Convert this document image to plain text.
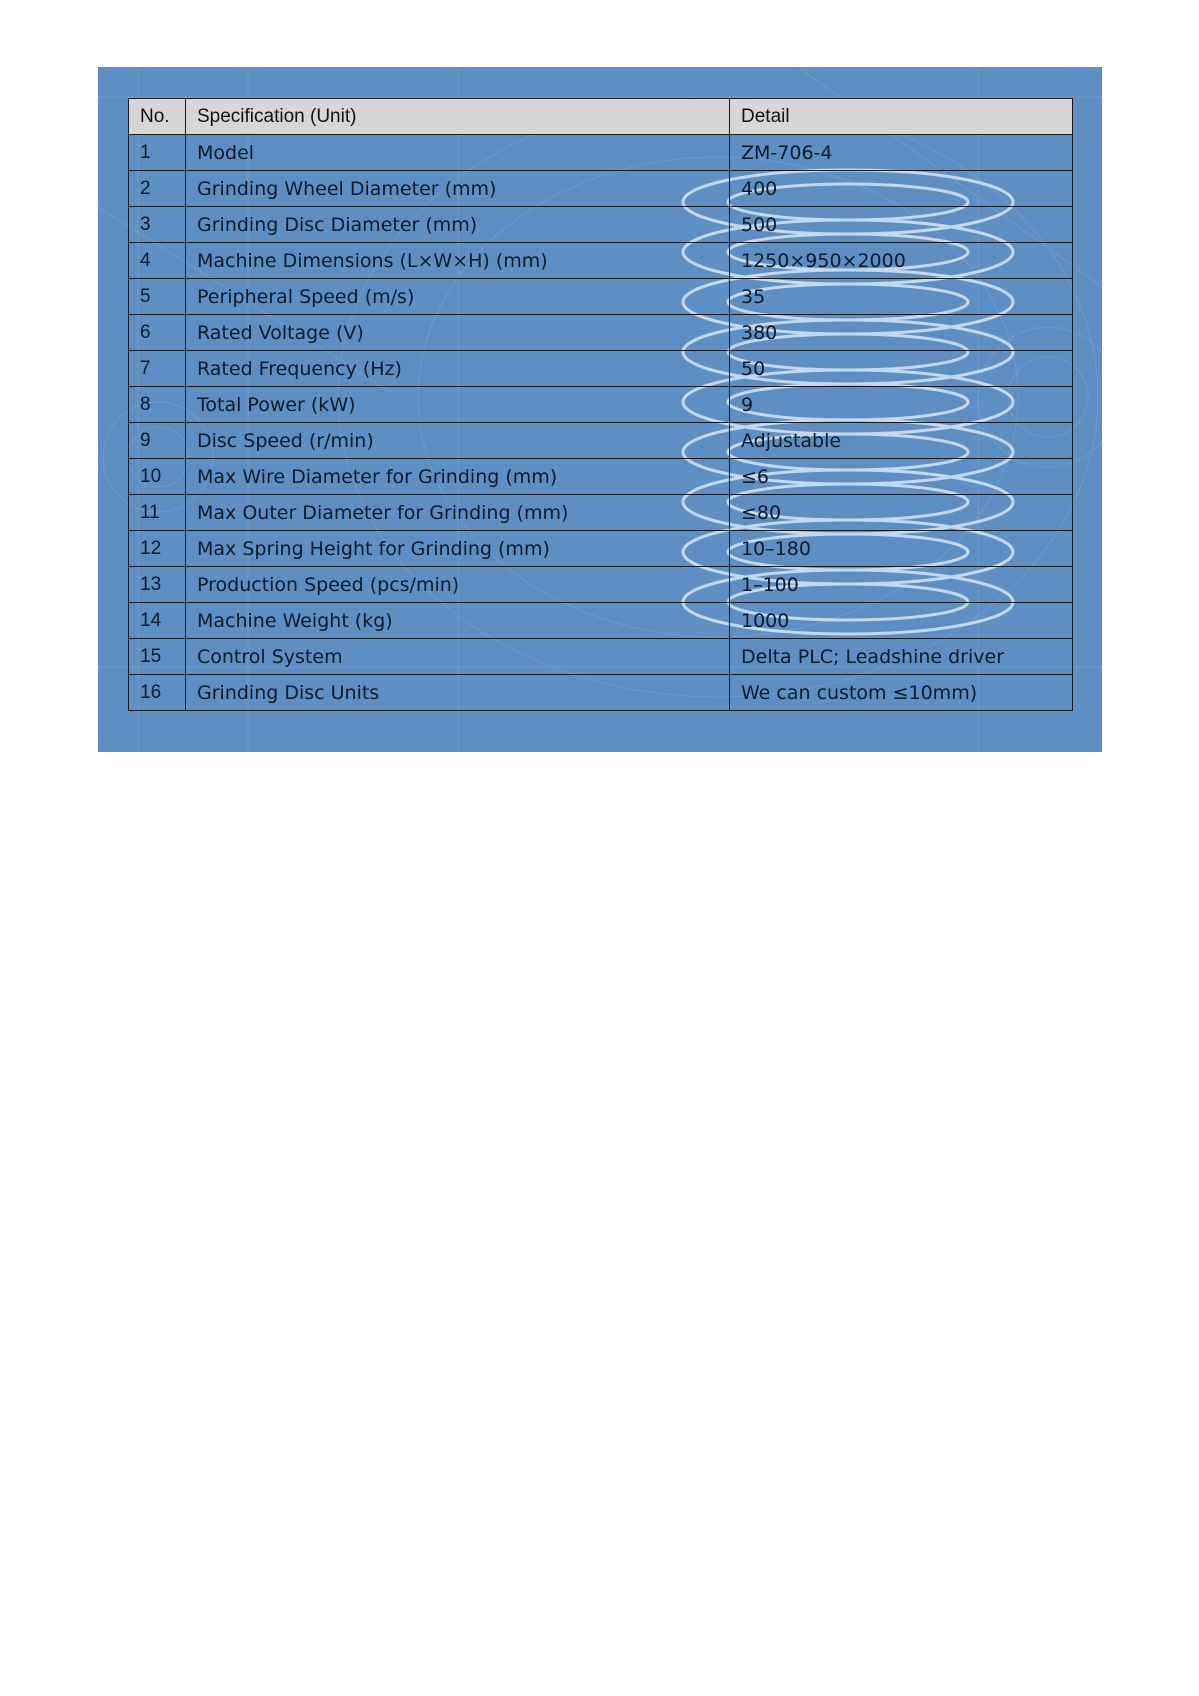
No.	Specification (Unit)	Detail
1	Model	ZM-706-4
2	Grinding Wheel Diameter (mm)	400
3	Grinding Disc Diameter (mm)	500
4	Machine Dimensions (L×W×H) (mm)	1250×950×2000
5	Peripheral Speed (m/s)	35
6	Rated Voltage (V)	380
7	Rated Frequency (Hz)	50
8	Total Power (kW)	9
9	Disc Speed (r/min)	Adjustable
10	Max Wire Diameter for Grinding (mm)	≤6
11	Max Outer Diameter for Grinding (mm)	≤80
12	Max Spring Height for Grinding (mm)	10–180
13	Production Speed (pcs/min)	1–100
14	Machine Weight (kg)	1000
15	Control System	Delta PLC; Leadshine driver
16	Grinding Disc Units	We can custom ≤10mm)
